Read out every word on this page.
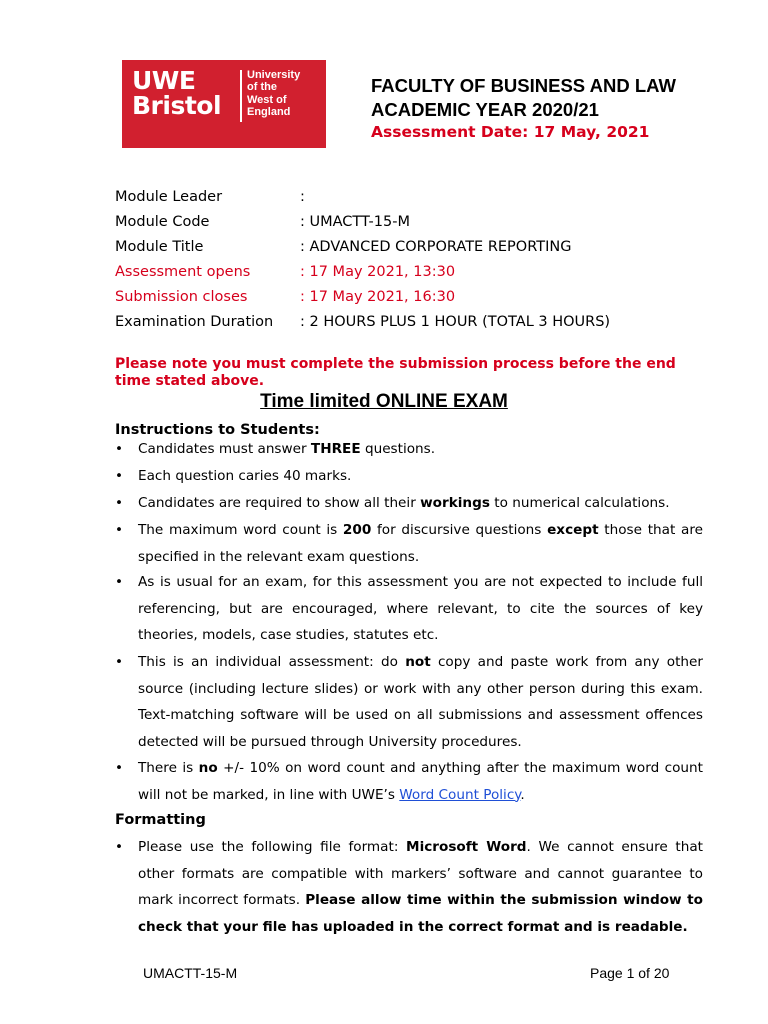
UWE
Bristol
University
of the
West of
England
FACULTY OF BUSINESS AND LAW
ACADEMIC YEAR 2020/21
Assessment Date: 17 May, 2021
Module Leader	:
Module Code	: UMACTT-15-M
Module Title	: ADVANCED CORPORATE REPORTING
Assessment opens	: 17 May 2021, 13:30
Submission closes	: 17 May 2021, 16:30
Examination Duration : 2 HOURS PLUS 1 HOUR (TOTAL 3 HOURS)
Please note you must complete the submission process before the end time stated above.
Time limited ONLINE EXAM
Instructions to Students:
• Candidates must answer THREE questions.
• Each question caries 40 marks.
• Candidates are required to show all their workings to numerical calculations.
• The maximum word count is 200 for discursive questions except those that are specified in the relevant exam questions.
• As is usual for an exam, for this assessment you are not expected to include full referencing, but are encouraged, where relevant, to cite the sources of key theories, models, case studies, statutes etc.
• This is an individual assessment: do not copy and paste work from any other source (including lecture slides) or work with any other person during this exam. Text-matching software will be used on all submissions and assessment offences detected will be pursued through University procedures.
• There is no +/- 10% on word count and anything after the maximum word count will not be marked, in line with UWE’s Word Count Policy.
Formatting
• Please use the following file format: Microsoft Word. We cannot ensure that other formats are compatible with markers’ software and cannot guarantee to mark incorrect formats. Please allow time within the submission window to check that your file has uploaded in the correct format and is readable.
UMACTT-15-M	Page 1 of 20
